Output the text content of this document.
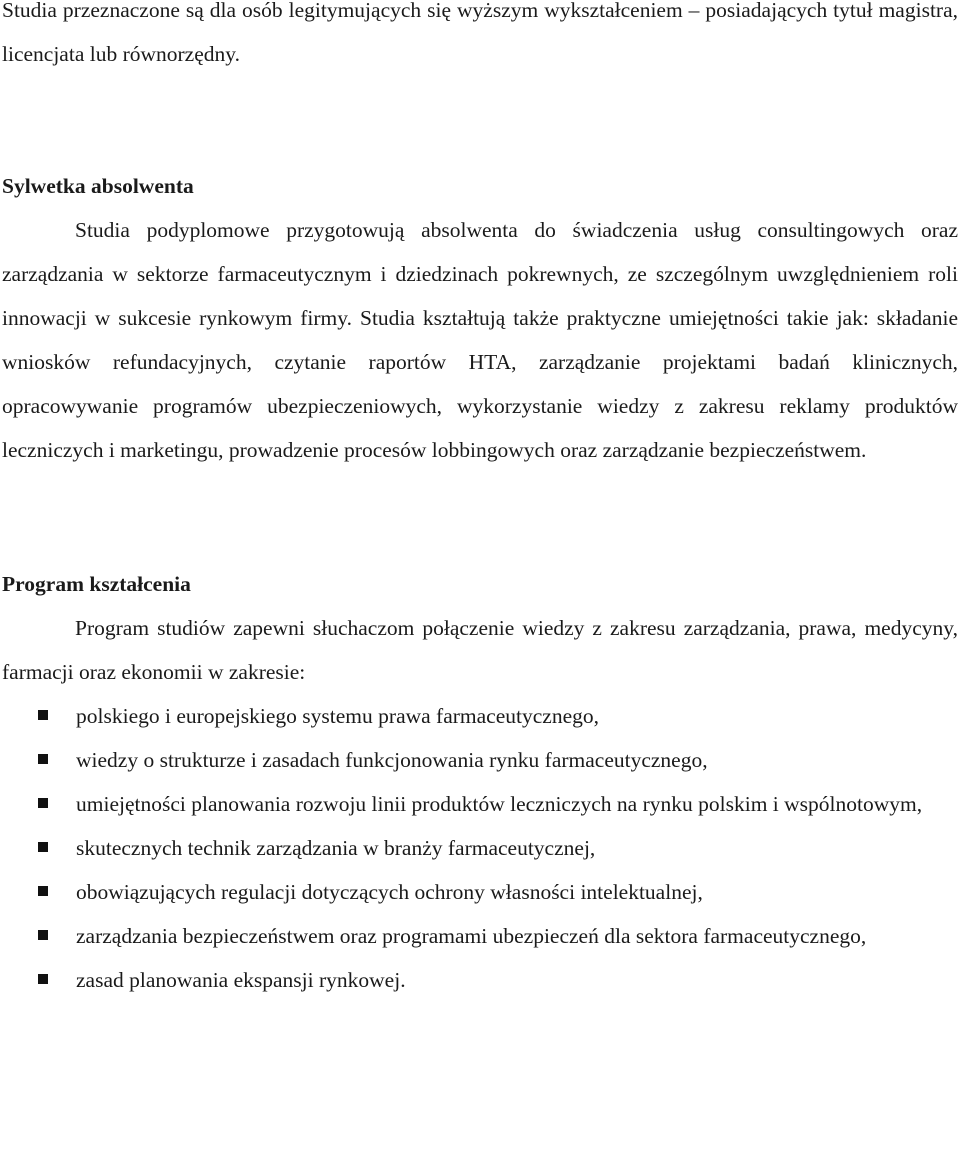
Studia przeznaczone są dla osób legitymujących się wyższym wykształceniem – posiadających tytuł magistra, licencjata lub równorzędny.

Sylwetka absolwenta

Studia podyplomowe przygotowują absolwenta do świadczenia usług consultingowych oraz zarządzania w sektorze farmaceutycznym i dziedzinach pokrewnych, ze szczególnym uwzględnieniem roli innowacji w sukcesie rynkowym firmy. Studia kształtują także praktyczne umiejętności takie jak: składanie wniosków refundacyjnych, czytanie raportów HTA, zarządzanie projektami badań klinicznych, opracowywanie programów ubezpieczeniowych, wykorzystanie wiedzy z zakresu reklamy produktów leczniczych i marketingu, prowadzenie procesów lobbingowych oraz zarządzanie bezpieczeństwem.

Program kształcenia

Program studiów zapewni słuchaczom połączenie wiedzy z zakresu zarządzania, prawa, medycyny, farmacji oraz ekonomii w zakresie:

polskiego i europejskiego systemu prawa farmaceutycznego,
wiedzy o strukturze i zasadach funkcjonowania rynku farmaceutycznego,
umiejętności planowania rozwoju linii produktów leczniczych na rynku polskim i wspólnotowym,
skutecznych technik zarządzania w branży farmaceutycznej,
obowiązujących regulacji dotyczących ochrony własności intelektualnej,
zarządzania bezpieczeństwem oraz programami ubezpieczeń dla sektora farmaceutycznego,
zasad planowania ekspansji rynkowej.
